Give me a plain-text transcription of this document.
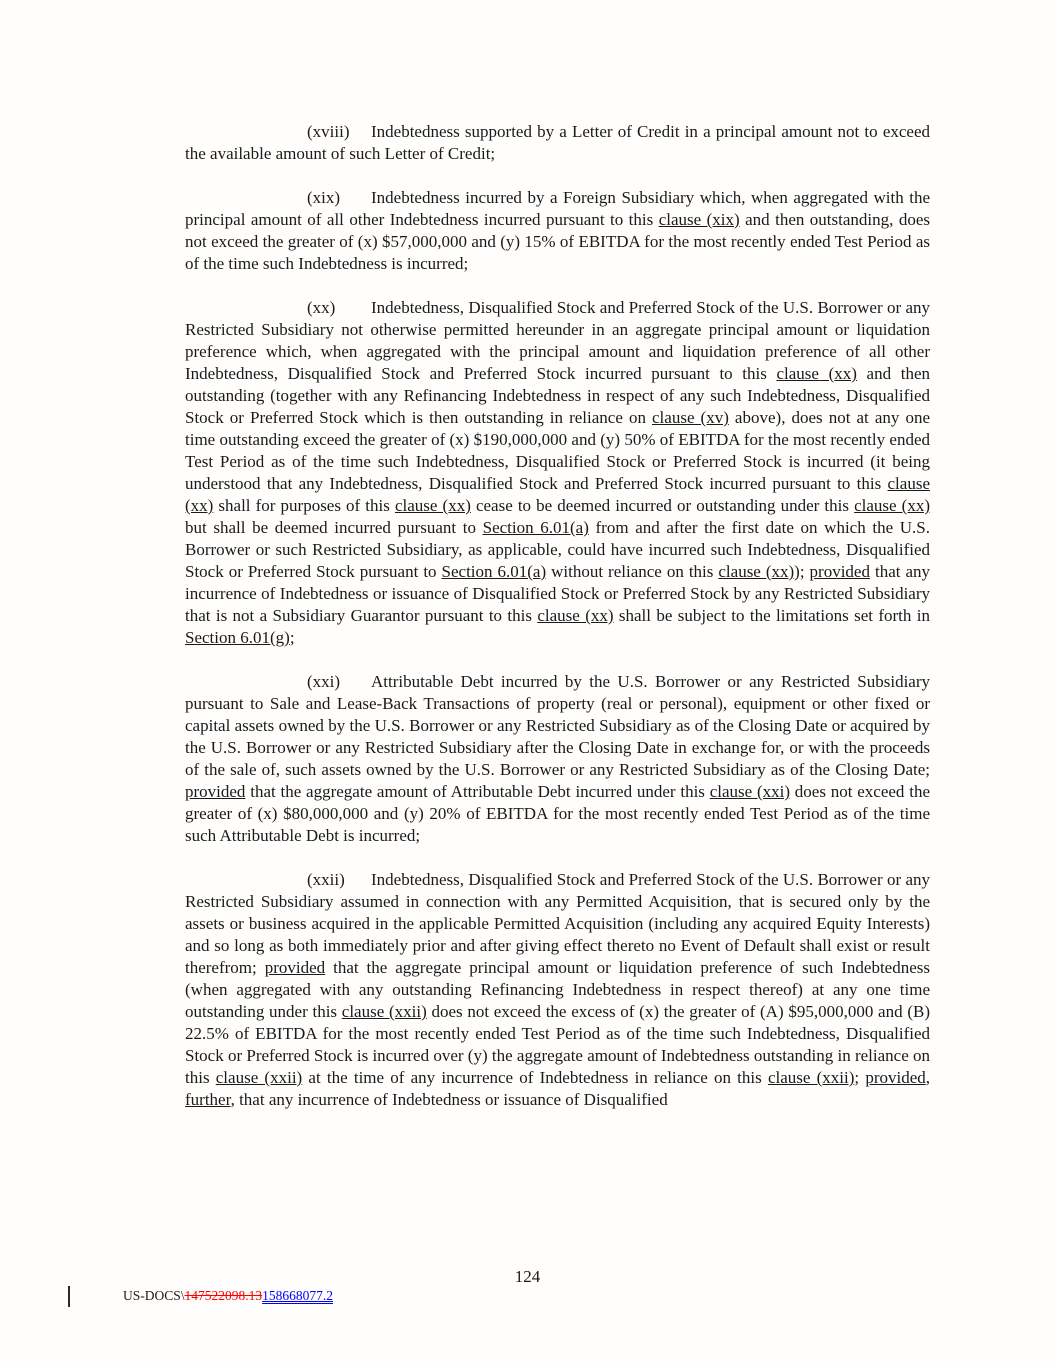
(xviii) Indebtedness supported by a Letter of Credit in a principal amount not to exceed the available amount of such Letter of Credit;

(xix) Indebtedness incurred by a Foreign Subsidiary which, when aggregated with the principal amount of all other Indebtedness incurred pursuant to this clause (xix) and then outstanding, does not exceed the greater of (x) $57,000,000 and (y) 15% of EBITDA for the most recently ended Test Period as of the time such Indebtedness is incurred;

(xx) Indebtedness, Disqualified Stock and Preferred Stock of the U.S. Borrower or any Restricted Subsidiary not otherwise permitted hereunder in an aggregate principal amount or liquidation preference which, when aggregated with the principal amount and liquidation preference of all other Indebtedness, Disqualified Stock and Preferred Stock incurred pursuant to this clause (xx) and then outstanding (together with any Refinancing Indebtedness in respect of any such Indebtedness, Disqualified Stock or Preferred Stock which is then outstanding in reliance on clause (xv) above), does not at any one time outstanding exceed the greater of (x) $190,000,000 and (y) 50% of EBITDA for the most recently ended Test Period as of the time such Indebtedness, Disqualified Stock or Preferred Stock is incurred (it being understood that any Indebtedness, Disqualified Stock and Preferred Stock incurred pursuant to this clause (xx) shall for purposes of this clause (xx) cease to be deemed incurred or outstanding under this clause (xx) but shall be deemed incurred pursuant to Section 6.01(a) from and after the first date on which the U.S. Borrower or such Restricted Subsidiary, as applicable, could have incurred such Indebtedness, Disqualified Stock or Preferred Stock pursuant to Section 6.01(a) without reliance on this clause (xx)); provided that any incurrence of Indebtedness or issuance of Disqualified Stock or Preferred Stock by any Restricted Subsidiary that is not a Subsidiary Guarantor pursuant to this clause (xx) shall be subject to the limitations set forth in Section 6.01(g);

(xxi) Attributable Debt incurred by the U.S. Borrower or any Restricted Subsidiary pursuant to Sale and Lease-Back Transactions of property (real or personal), equipment or other fixed or capital assets owned by the U.S. Borrower or any Restricted Subsidiary as of the Closing Date or acquired by the U.S. Borrower or any Restricted Subsidiary after the Closing Date in exchange for, or with the proceeds of the sale of, such assets owned by the U.S. Borrower or any Restricted Subsidiary as of the Closing Date; provided that the aggregate amount of Attributable Debt incurred under this clause (xxi) does not exceed the greater of (x) $80,000,000 and (y) 20% of EBITDA for the most recently ended Test Period as of the time such Attributable Debt is incurred;

(xxii) Indebtedness, Disqualified Stock and Preferred Stock of the U.S. Borrower or any Restricted Subsidiary assumed in connection with any Permitted Acquisition, that is secured only by the assets or business acquired in the applicable Permitted Acquisition (including any acquired Equity Interests) and so long as both immediately prior and after giving effect thereto no Event of Default shall exist or result therefrom; provided that the aggregate principal amount or liquidation preference of such Indebtedness (when aggregated with any outstanding Refinancing Indebtedness in respect thereof) at any one time outstanding under this clause (xxii) does not exceed the excess of (x) the greater of (A) $95,000,000 and (B) 22.5% of EBITDA for the most recently ended Test Period as of the time such Indebtedness, Disqualified Stock or Preferred Stock is incurred over (y) the aggregate amount of Indebtedness outstanding in reliance on this clause (xxii) at the time of any incurrence of Indebtedness in reliance on this clause (xxii); provided, further, that any incurrence of Indebtedness or issuance of Disqualified

124
US-DOCS\147522098.13158668077.2
